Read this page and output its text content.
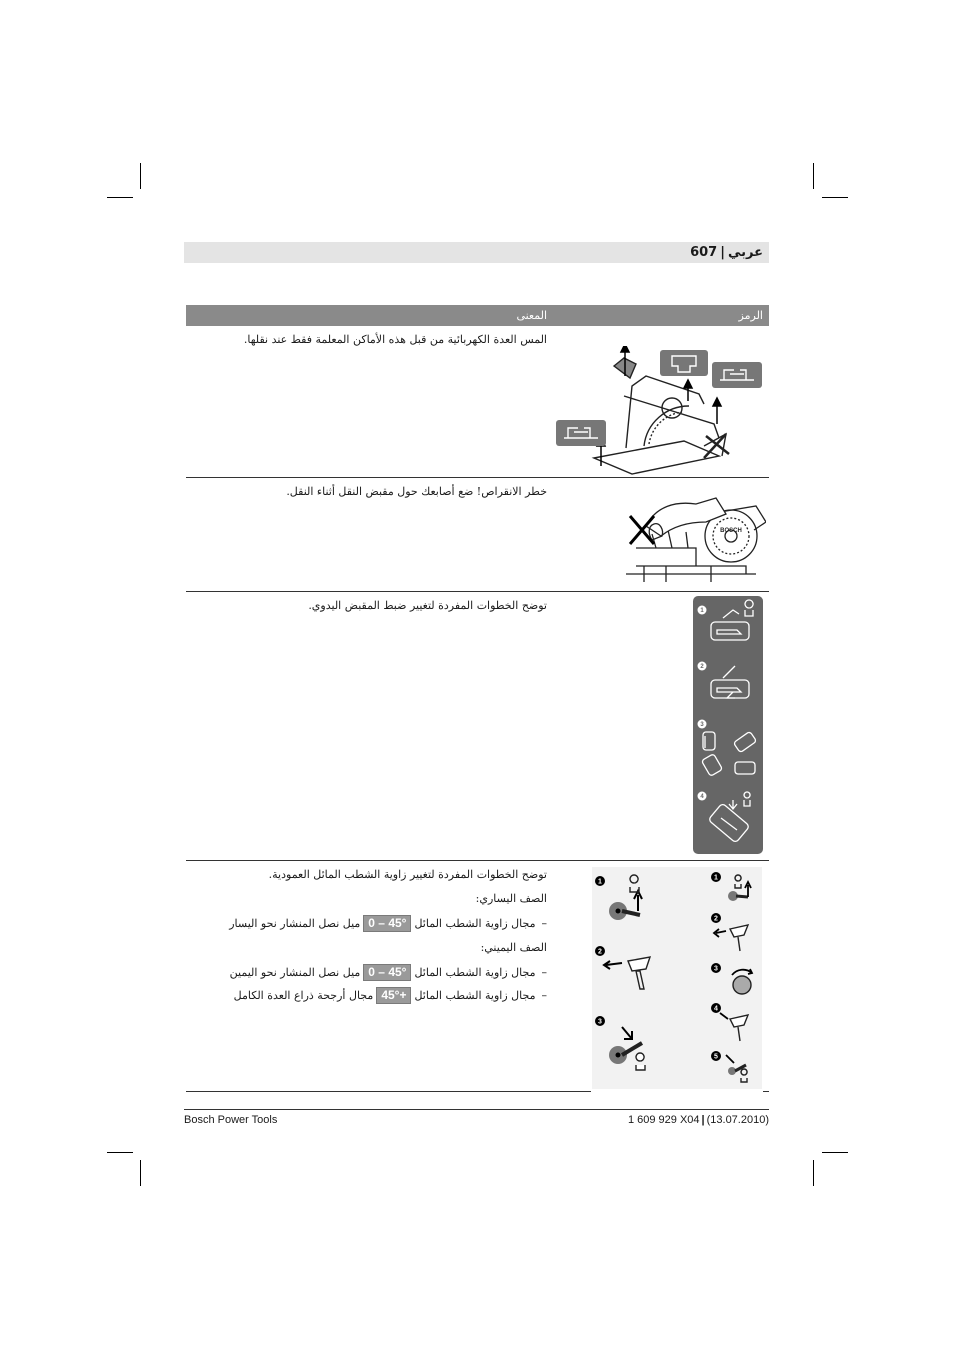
607 | عربي
المعنى	الرمز
المس العدة الكهربائية من قبل هذه الأماكن المعلمة فقط عند نقلها.
خطر الانقراص! ضع أصابعك حول مقبض النقل أثناء النقل.
BOSCH
توضح الخطوات المفردة لتغيير ضبط المقبض اليدوي.	1
2
3
4
توضح الخطوات المفردة لتغيير زاوية الشطب المائل العمودية.
الصف اليساري:
–مجال زاوية الشطب المائل0 – 45°ميل نصل المنشار نحو اليسار
الصف اليميني:
–مجال زاوية الشطب المائل0 – 45°ميل نصل المنشار نحو اليمين
–مجال زاوية الشطب المائل45°+مجال أرجحة ذراع العدة الكامل
1
2
3
1
2
3
4
5
Bosch Power Tools	1 609 929 X04 | (13.07.2010)
